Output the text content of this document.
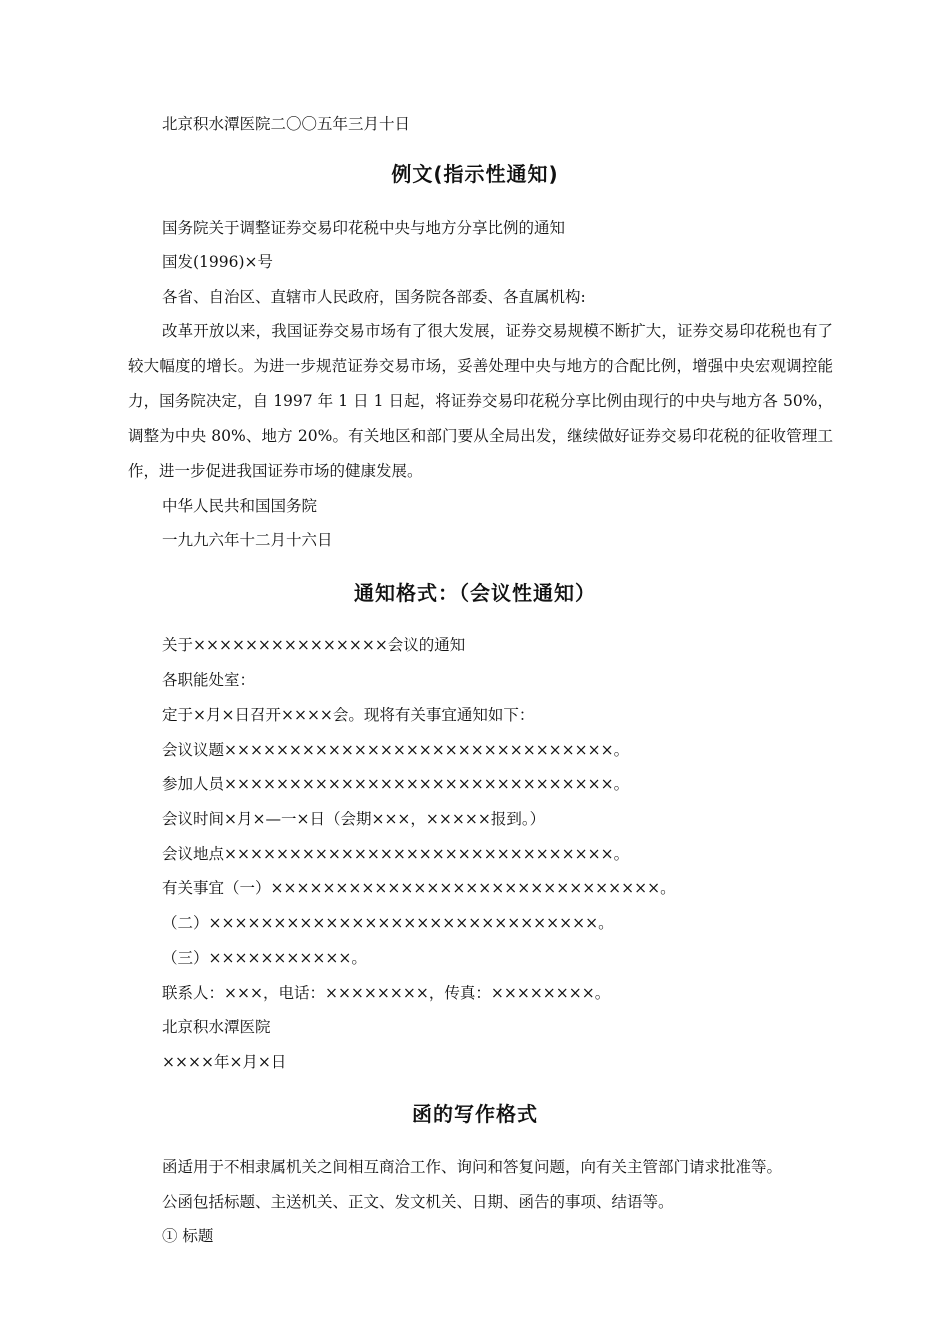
北京积水潭医院二〇〇五年三月十日
例文(指示性通知)
国务院关于调整证券交易印花税中央与地方分享比例的通知
国发(1996)×号
各省、自治区、直辖市人民政府，国务院各部委、各直属机构:
改革开放以来，我国证券交易市场有了很大发展，证券交易规模不断扩大，证券交易印花税也有了较大幅度的增长。为进一步规范证券交易市场，妥善处理中央与地方的合配比例，增强中央宏观调控能力，国务院决定，自 1997 年 1 日 1 日起，将证券交易印花税分享比例由现行的中央与地方各 50%，调整为中央 80%、地方 20%。有关地区和部门要从全局出发，继续做好证券交易印花税的征收管理工作，进一步促进我国证券市场的健康发展。
中华人民共和国国务院
一九九六年十二月十六日
通知格式：（会议性通知）
关于×××××××××××××××会议的通知
各职能处室：
定于×月×日召开××××会。现将有关事宜通知如下：
会议议题××××××××××××××××××××××××××××××。
参加人员××××××××××××××××××××××××××××××。
会议时间×月×—一×日（会期×××，×××××报到。）
会议地点××××××××××××××××××××××××××××××。
有关事宜（一）××××××××××××××××××××××××××××××。
（二）××××××××××××××××××××××××××××××。
（三）×××××××××××。
联系人：×××，电话：××××××××，传真：××××××××。
北京积水潭医院
××××年×月×日
函的写作格式
函适用于不相隶属机关之间相互商洽工作、询问和答复问题，向有关主管部门请求批准等。
公函包括标题、主送机关、正文、发文机关、日期、函告的事项、结语等。
① 标题
